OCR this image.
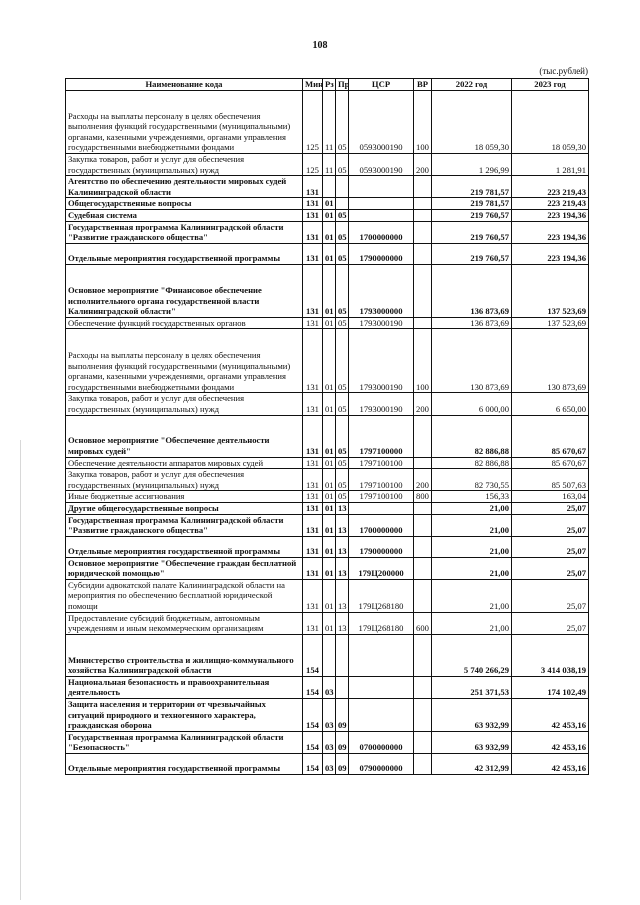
108
(тыс.рублей)
Наименование кода	Мин	Рз	Пр	ЦСР	ВР	2022 год	2023 год
Расходы на выплаты персоналу в целях обеспечения выполнения функций государственными (муниципальными) органами, казенными учреждениями, органами управления государственными внебюджетными фондами	125	11	05	0593000190	100	18 059,30	18 059,30
Закупка товаров, работ и услуг для обеспечения государственных (муниципальных) нужд	125	11	05	0593000190	200	1 296,99	1 281,91
Агентство по обеспечению деятельности мировых судей Калининградской области	131					219 781,57	223 219,43
Общегосударственные вопросы	131	01				219 781,57	223 219,43
Судебная система	131	01	05			219 760,57	223 194,36
Государственная программа Калининградской области "Развитие гражданского общества"	131	01	05	1700000000		219 760,57	223 194,36
Отдельные мероприятия государственной программы	131	01	05	1790000000		219 760,57	223 194,36
Основное мероприятие "Финансовое обеспечение исполнительного органа государственной власти Калининградской области"	131	01	05	1793000000		136 873,69	137 523,69
Обеспечение функций государственных органов	131	01	05	1793000190		136 873,69	137 523,69
Расходы на выплаты персоналу в целях обеспечения выполнения функций государственными (муниципальными) органами, казенными учреждениями, органами управления государственными внебюджетными фондами	131	01	05	1793000190	100	130 873,69	130 873,69
Закупка товаров, работ и услуг для обеспечения государственных (муниципальных) нужд	131	01	05	1793000190	200	6 000,00	6 650,00
Основное мероприятие "Обеспечение деятельности мировых судей"	131	01	05	1797100000		82 886,88	85 670,67
Обеспечение деятельности аппаратов мировых судей	131	01	05	1797100100		82 886,88	85 670,67
Закупка товаров, работ и услуг для обеспечения государственных (муниципальных) нужд	131	01	05	1797100100	200	82 730,55	85 507,63
Иные бюджетные ассигнования	131	01	05	1797100100	800	156,33	163,04
Другие общегосударственные вопросы	131	01	13			21,00	25,07
Государственная программа Калининградской области "Развитие гражданского общества"	131	01	13	1700000000		21,00	25,07
Отдельные мероприятия государственной программы	131	01	13	1790000000		21,00	25,07
Основное мероприятие "Обеспечение граждан бесплатной юридической помощью"	131	01	13	179Ц200000		21,00	25,07
Субсидии адвокатской палате Калининградской области на мероприятия по обеспечению бесплатной юридической помощи	131	01	13	179Ц268180		21,00	25,07
Предоставление субсидий бюджетным, автономным учреждениям и иным некоммерческим организациям	131	01	13	179Ц268180	600	21,00	25,07
Министерство строительства и жилищно-коммунального хозяйства Калининградской области	154					5 740 266,29	3 414 038,19
Национальная безопасность и правоохранительная деятельность	154	03				251 371,53	174 102,49
Защита населения и территории от чрезвычайных ситуаций природного и техногенного характера, гражданская оборона	154	03	09			63 932,99	42 453,16
Государственная программа Калининградской области "Безопасность"	154	03	09	0700000000		63 932,99	42 453,16
Отдельные мероприятия государственной программы	154	03	09	0790000000		42 312,99	42 453,16
